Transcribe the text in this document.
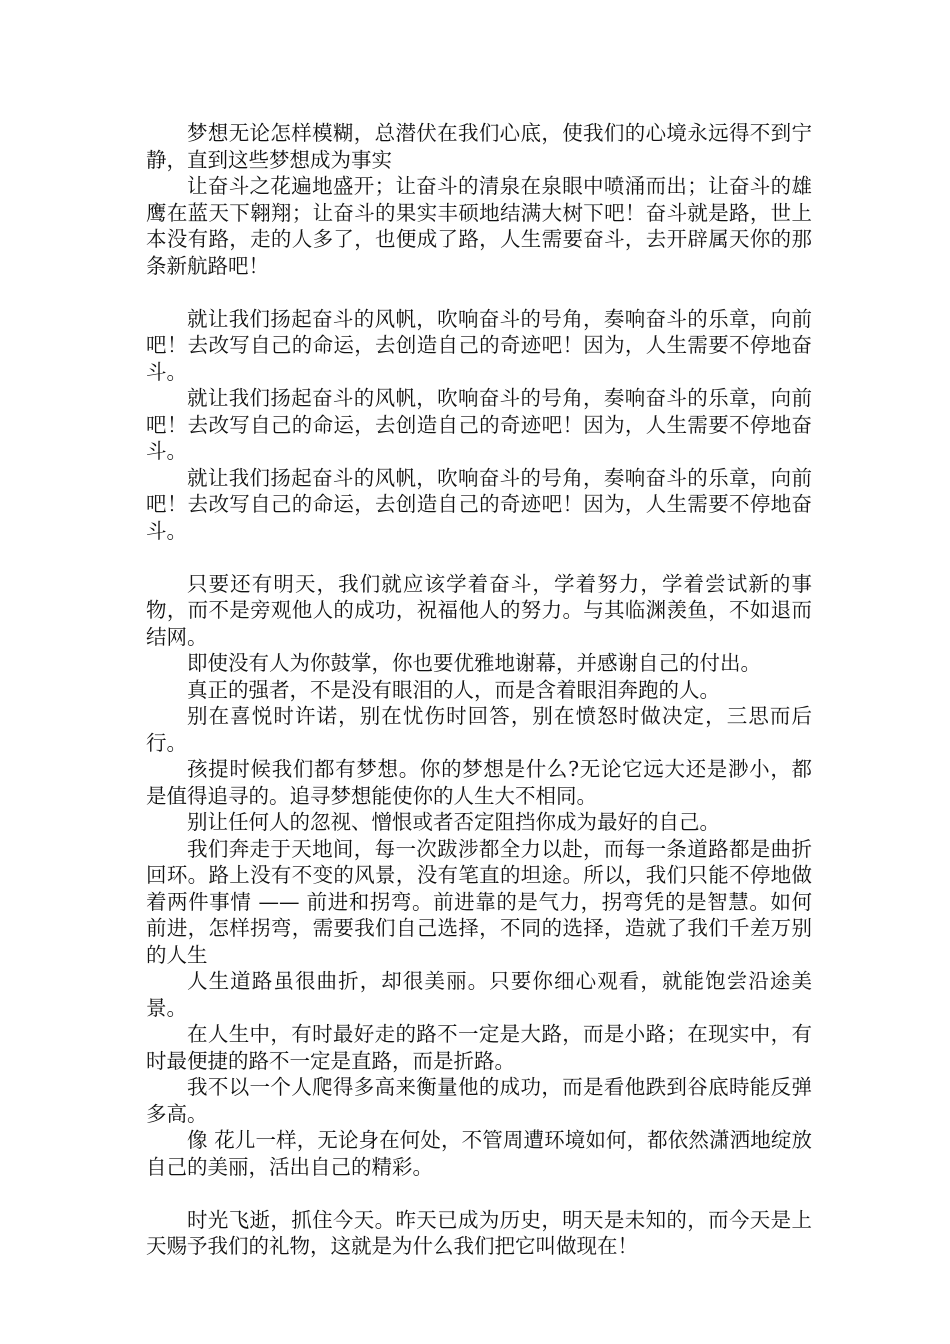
梦想无论怎样模糊，总潜伏在我们心底，使我们的心境永远得不到宁静，直到这些梦想成为事实

让奋斗之花遍地盛开；让奋斗的清泉在泉眼中喷涌而出；让奋斗的雄鹰在蓝天下翱翔；让奋斗的果实丰硕地结满大树下吧！奋斗就是路，世上本没有路，走的人多了，也便成了路，人生需要奋斗，去开辟属天你的那条新航路吧！

就让我们扬起奋斗的风帆，吹响奋斗的号角，奏响奋斗的乐章，向前吧！去改写自己的命运，去创造自己的奇迹吧！因为，人生需要不停地奋斗。

就让我们扬起奋斗的风帆，吹响奋斗的号角，奏响奋斗的乐章，向前吧！去改写自己的命运，去创造自己的奇迹吧！因为，人生需要不停地奋斗。

就让我们扬起奋斗的风帆，吹响奋斗的号角，奏响奋斗的乐章，向前吧！去改写自己的命运，去创造自己的奇迹吧！因为，人生需要不停地奋斗。

只要还有明天，我们就应该学着奋斗，学着努力，学着尝试新的事物，而不是旁观他人的成功，祝福他人的努力。与其临渊羡鱼，不如退而结网。

即使没有人为你鼓掌，你也要优雅地谢幕，并感谢自己的付出。

真正的强者，不是没有眼泪的人，而是含着眼泪奔跑的人。

别在喜悦时许诺，别在忧伤时回答，别在愤怒时做决定，三思而后行。

孩提时候我们都有梦想。你的梦想是什么?无论它远大还是渺小，都是值得追寻的。追寻梦想能使你的人生大不相同。

别让任何人的忽视、憎恨或者否定阻挡你成为最好的自己。

我们奔走于天地间，每一次跋涉都全力以赴，而每一条道路都是曲折回环。路上没有不变的风景，没有笔直的坦途。所以，我们只能不停地做着两件事情 —— 前进和拐弯。前进靠的是气力，拐弯凭的是智慧。如何前进，怎样拐弯，需要我们自己选择，不同的选择，造就了我们千差万别的人生

人生道路虽很曲折，却很美丽。只要你细心观看，就能饱尝沿途美景。

在人生中，有时最好走的路不一定是大路，而是小路；在现实中，有时最便捷的路不一定是直路，而是折路。

我不以一个人爬得多高来衡量他的成功，而是看他跌到谷底時能反弹多高。

像 花儿一样，无论身在何处，不管周遭环境如何，都依然潇洒地绽放自己的美丽，活出自己的精彩。

时光飞逝，抓住今天。昨天已成为历史，明天是未知的，而今天是上天赐予我们的礼物，这就是为什么我们把它叫做现在！
